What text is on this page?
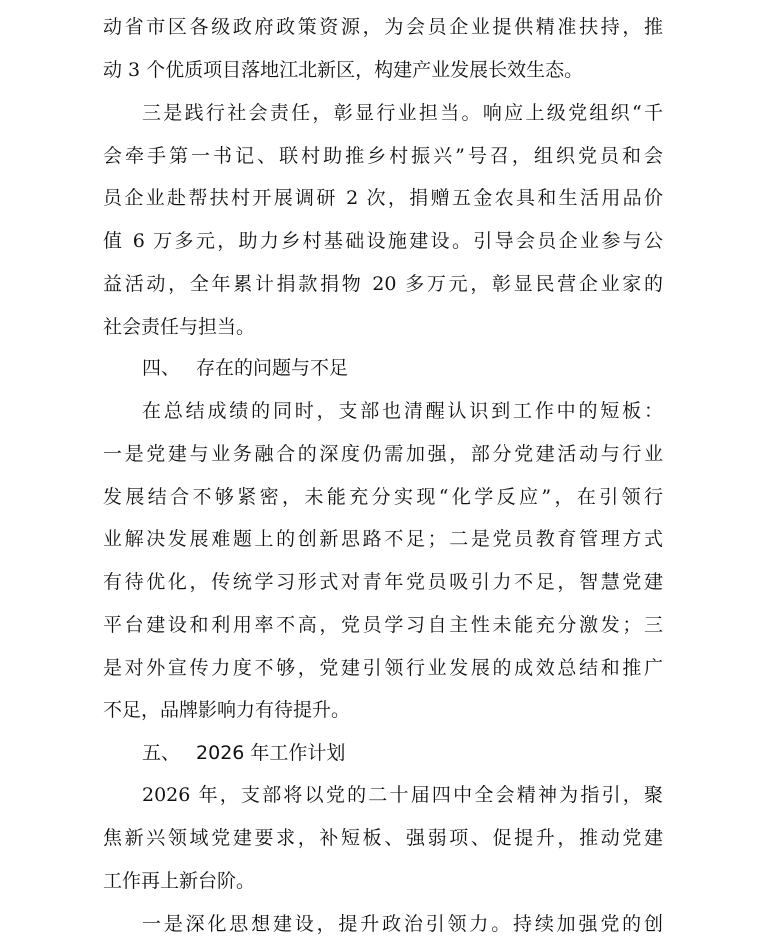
动省市区各级政府政策资源，为会员企业提供精准扶持，推
动 3 个优质项目落地江北新区，构建产业发展长效生态。
三是践行社会责任，彰显行业担当。响应上级党组织“千
会牵手第一书记、联村助推乡村振兴”号召，组织党员和会
员企业赴帮扶村开展调研 2 次，捐赠五金农具和生活用品价
值 6 万多元，助力乡村基础设施建设。引导会员企业参与公
益活动，全年累计捐款捐物 20 多万元，彰显民营企业家的
社会责任与担当。
四、 存在的问题与不足
在总结成绩的同时，支部也清醒认识到工作中的短板：
一是党建与业务融合的深度仍需加强，部分党建活动与行业
发展结合不够紧密，未能充分实现“化学反应”，在引领行
业解决发展难题上的创新思路不足；二是党员教育管理方式
有待优化，传统学习形式对青年党员吸引力不足，智慧党建
平台建设和利用率不高，党员学习自主性未能充分激发；三
是对外宣传力度不够，党建引领行业发展的成效总结和推广
不足，品牌影响力有待提升。
五、 2026 年工作计划
2026 年，支部将以党的二十届四中全会精神为指引，聚
焦新兴领域党建要求，补短板、强弱项、促提升，推动党建
工作再上新台阶。
一是深化思想建设，提升政治引领力。持续加强党的创
